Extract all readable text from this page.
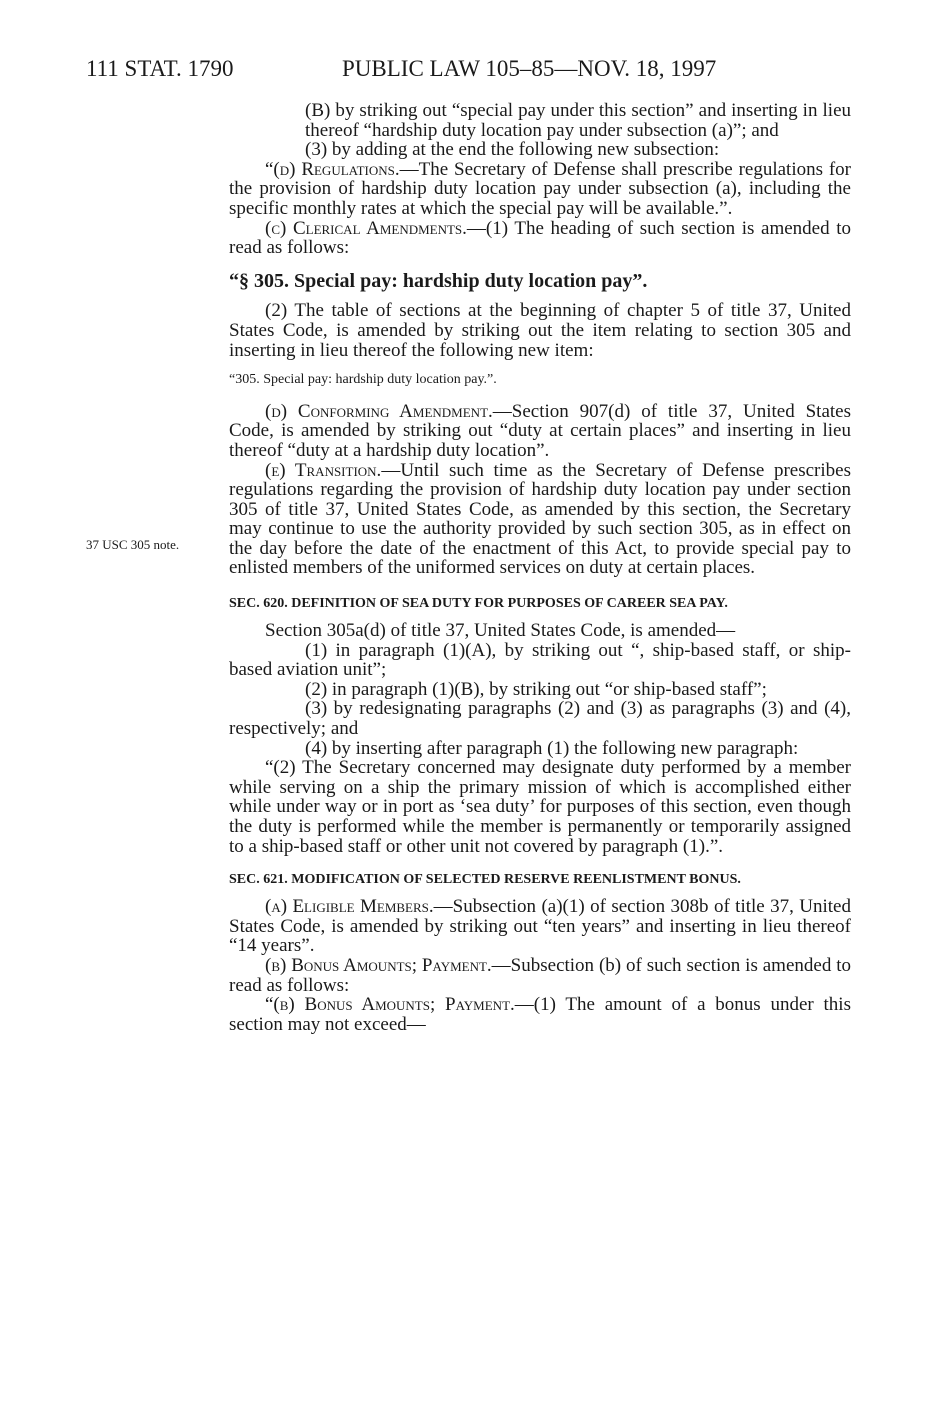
111 STAT. 1790	PUBLIC LAW 105–85—NOV. 18, 1997
37 USC 305 note.

(B) by striking out “special pay under this section” and inserting in lieu thereof “hardship duty location pay under subsection (a)”; and

(3) by adding at the end the following new subsection:

“(d) Regulations.—The Secretary of Defense shall prescribe regulations for the provision of hardship duty location pay under subsection (a), including the specific monthly rates at which the special pay will be available.”.

(c) Clerical Amendments.—(1) The heading of such section is amended to read as follows:

“§ 305. Special pay: hardship duty location pay”.

(2) The table of sections at the beginning of chapter 5 of title 37, United States Code, is amended by striking out the item relating to section 305 and inserting in lieu thereof the following new item:

“305. Special pay: hardship duty location pay.”.

(d) Conforming Amendment.—Section 907(d) of title 37, United States Code, is amended by striking out “duty at certain places” and inserting in lieu thereof “duty at a hardship duty location”.

(e) Transition.—Until such time as the Secretary of Defense prescribes regulations regarding the provision of hardship duty location pay under section 305 of title 37, United States Code, as amended by this section, the Secretary may continue to use the authority provided by such section 305, as in effect on the day before the date of the enactment of this Act, to provide special pay to enlisted members of the uniformed services on duty at certain places.

SEC. 620. DEFINITION OF SEA DUTY FOR PURPOSES OF CAREER SEA PAY.

Section 305a(d) of title 37, United States Code, is amended—

(1) in paragraph (1)(A), by striking out “, ship-based staff, or ship-based aviation unit”;

(2) in paragraph (1)(B), by striking out “or ship-based staff”;

(3) by redesignating paragraphs (2) and (3) as paragraphs (3) and (4), respectively; and

(4) by inserting after paragraph (1) the following new paragraph:

“(2) The Secretary concerned may designate duty performed by a member while serving on a ship the primary mission of which is accomplished either while under way or in port as ‘sea duty’ for purposes of this section, even though the duty is performed while the member is permanently or temporarily assigned to a ship-based staff or other unit not covered by paragraph (1).”.

SEC. 621. MODIFICATION OF SELECTED RESERVE REENLISTMENT BONUS.

(a) Eligible Members.—Subsection (a)(1) of section 308b of title 37, United States Code, is amended by striking out “ten years” and inserting in lieu thereof “14 years”.

(b) Bonus Amounts; Payment.—Subsection (b) of such section is amended to read as follows:

“(b) Bonus Amounts; Payment.—(1) The amount of a bonus under this section may not exceed—
